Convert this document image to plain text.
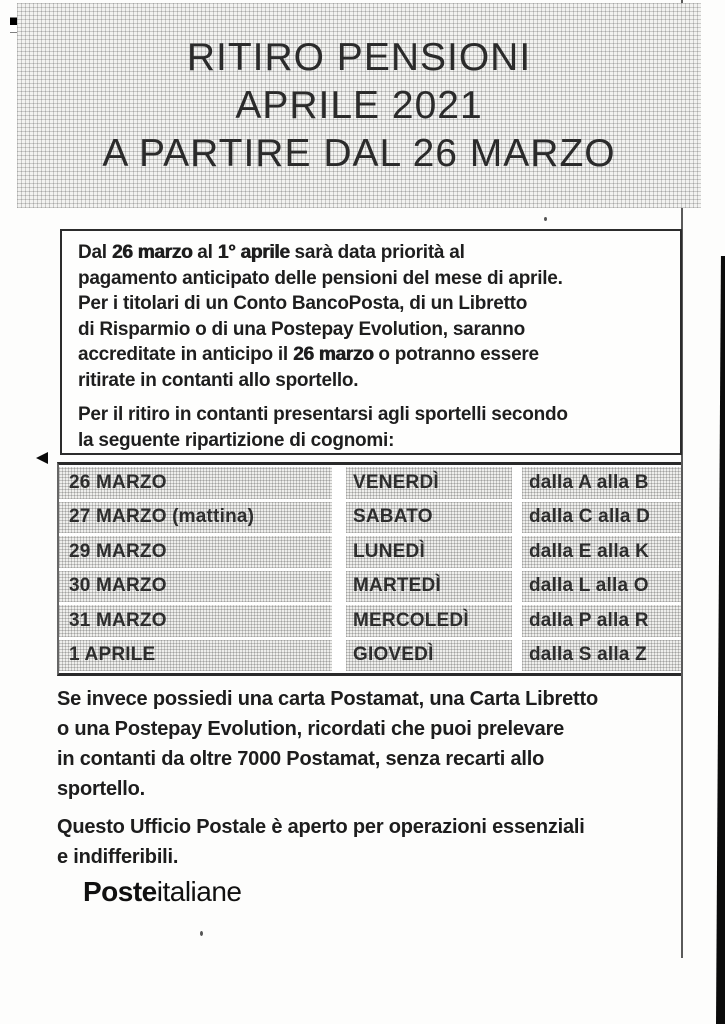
RITIRO PENSIONI
APRILE 2021
A PARTIRE DAL 26 MARZO

Dal 26 marzo al 1° aprile sarà data priorità al
pagamento anticipato delle pensioni del mese di aprile.
Per i titolari di un Conto BancoPosta, di un Libretto
di Risparmio o di una Postepay Evolution, saranno
accreditate in anticipo il 26 marzo o potranno essere
ritirate in contanti allo sportello.

Per il ritiro in contanti presentarsi agli sportelli secondo
la seguente ripartizione di cognomi:

26 MARZO	VENERDÌ	dalla A alla B
27 MARZO (mattina)	SABATO	dalla C alla D
29 MARZO	LUNEDÌ	dalla E alla K
30 MARZO	MARTEDÌ	dalla L alla O
31 MARZO	MERCOLEDÌ	dalla P alla R
1 APRILE	GIOVEDÌ	dalla S alla Z

Se invece possiedi una carta Postamat, una Carta Libretto
o una Postepay Evolution, ricordati che puoi prelevare
in contanti da oltre 7000 Postamat, senza recarti allo
sportello.

Questo Ufficio Postale è aperto per operazioni essenziali
e indifferibili.

Posteitaliane
